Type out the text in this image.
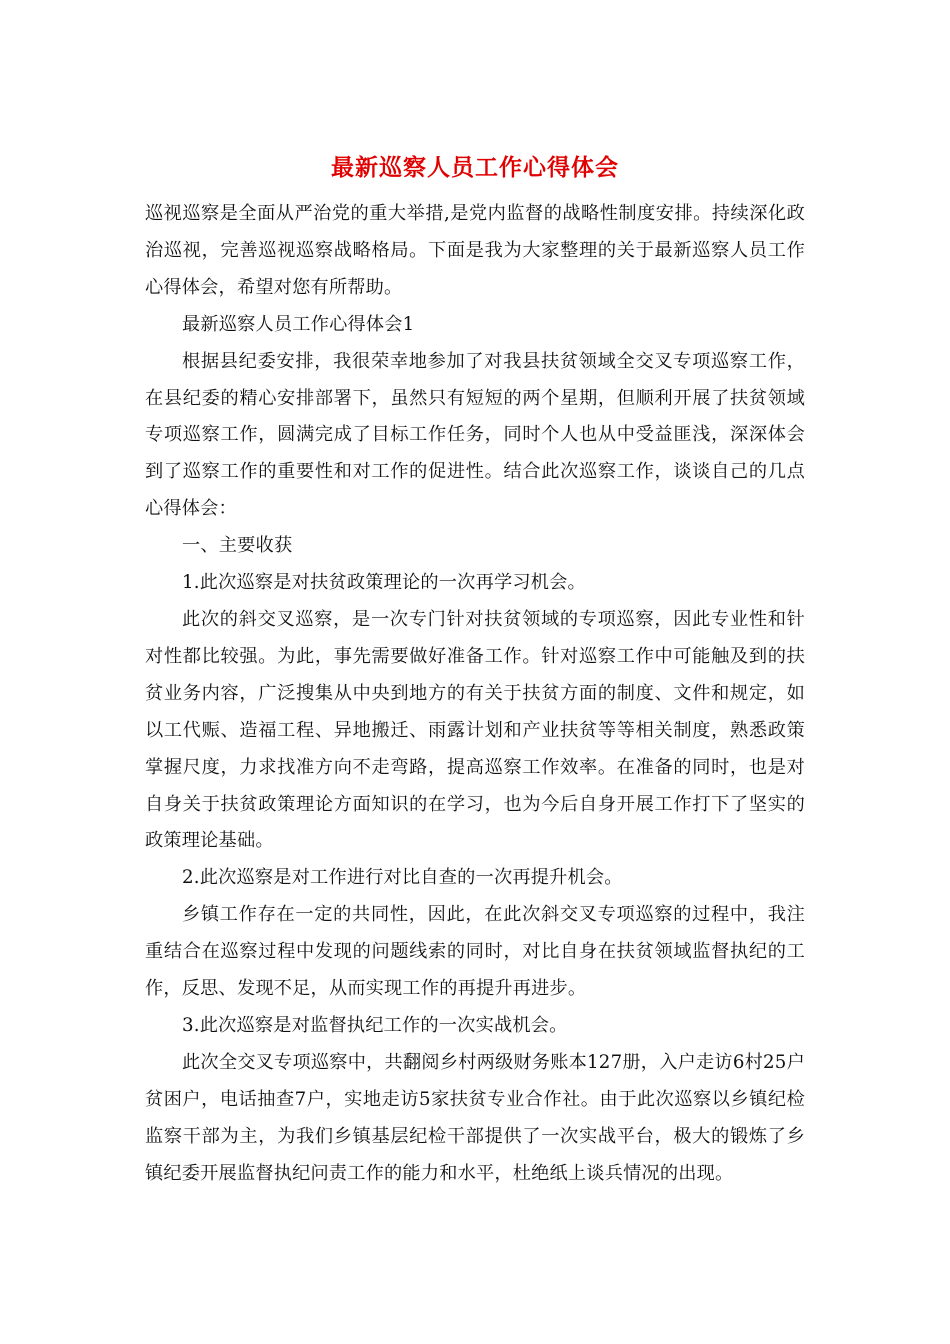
最新巡察人员工作心得体会

巡视巡察是全面从严治党的重大举措,是党内监督的战略性制度安排。持续深化政治巡视，完善巡视巡察战略格局。下面是我为大家整理的关于最新巡察人员工作心得体会，希望对您有所帮助。

最新巡察人员工作心得体会1

根据县纪委安排，我很荣幸地参加了对我县扶贫领域全交叉专项巡察工作，在县纪委的精心安排部署下，虽然只有短短的两个星期，但顺利开展了扶贫领域专项巡察工作，圆满完成了目标工作任务，同时个人也从中受益匪浅，深深体会到了巡察工作的重要性和对工作的促进性。结合此次巡察工作，谈谈自己的几点心得体会：

一、主要收获

1.此次巡察是对扶贫政策理论的一次再学习机会。

此次的斜交叉巡察，是一次专门针对扶贫领域的专项巡察，因此专业性和针对性都比较强。为此，事先需要做好准备工作。针对巡察工作中可能触及到的扶贫业务内容，广泛搜集从中央到地方的有关于扶贫方面的制度、文件和规定，如以工代赈、造福工程、异地搬迁、雨露计划和产业扶贫等等相关制度，熟悉政策掌握尺度，力求找准方向不走弯路，提高巡察工作效率。在准备的同时，也是对自身关于扶贫政策理论方面知识的在学习，也为今后自身开展工作打下了坚实的政策理论基础。

2.此次巡察是对工作进行对比自查的一次再提升机会。

乡镇工作存在一定的共同性，因此，在此次斜交叉专项巡察的过程中，我注重结合在巡察过程中发现的问题线索的同时，对比自身在扶贫领域监督执纪的工作，反思、发现不足，从而实现工作的再提升再进步。

3.此次巡察是对监督执纪工作的一次实战机会。

此次全交叉专项巡察中，共翻阅乡村两级财务账本127册，入户走访6村25户贫困户，电话抽查7户，实地走访5家扶贫专业合作社。由于此次巡察以乡镇纪检监察干部为主，为我们乡镇基层纪检干部提供了一次实战平台，极大的锻炼了乡镇纪委开展监督执纪问责工作的能力和水平，杜绝纸上谈兵情况的出现。
